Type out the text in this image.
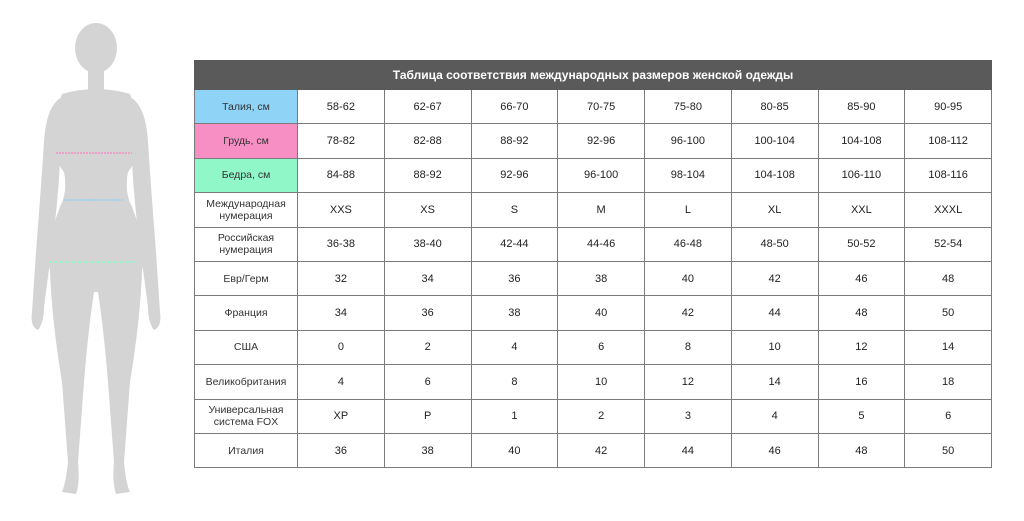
Таблица соответствия международных размеров женской одежды								
Талия, см	58-62	62-67	66-70	70-75	75-80	80-85	85-90	90-95
Грудь, см	78-82	82-88	88-92	92-96	96-100	100-104	104-108	108-112
Бедра, см	84-88	88-92	92-96	96-100	98-104	104-108	106-110	108-116
Международная нумерация	XXS	XS	S	M	L	XL	XXL	XXXL
Российская нумерация	36-38	38-40	42-44	44-46	46-48	48-50	50-52	52-54
Евр/Герм	32	34	36	38	40	42	46	48
Франция	34	36	38	40	42	44	48	50
США	0	2	4	6	8	10	12	14
Великобритания	4	6	8	10	12	14	16	18
Универсальная система FOX	XP	P	1	2	3	4	5	6
Италия	36	38	40	42	44	46	48	50
